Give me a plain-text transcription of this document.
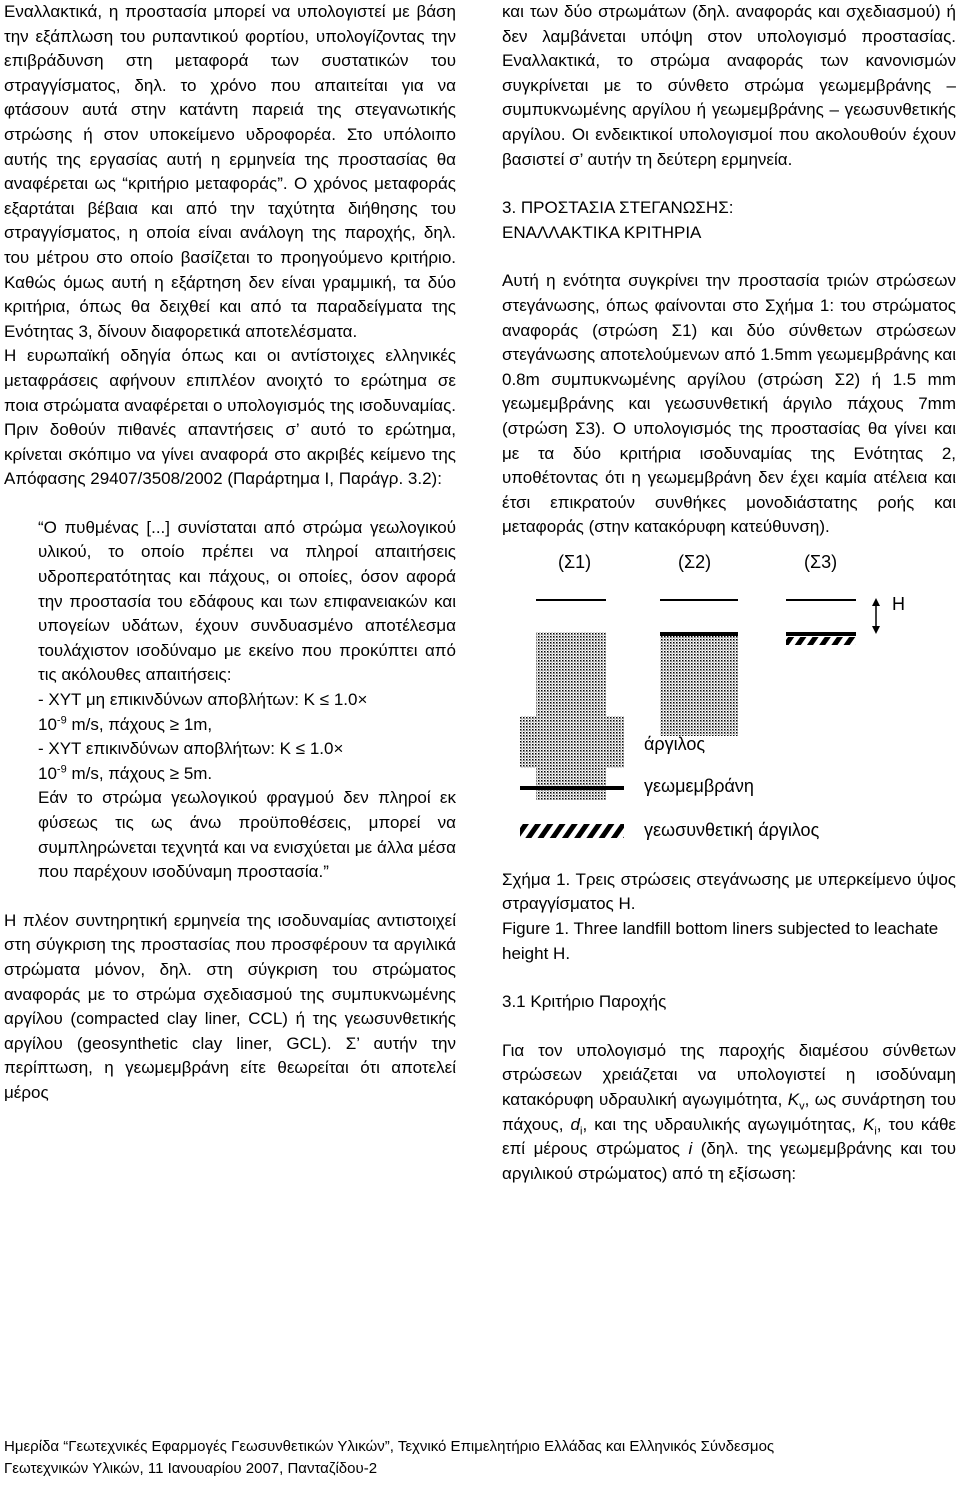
Εναλλακτικά, η προστασία μπορεί να υπολογιστεί με βάση την εξάπλωση του ρυπαντικού φορτίου, υπολογίζοντας την επιβράδυνση στη μεταφορά των συστατικών του στραγγίσματος, δηλ. το χρόνο που απαιτείται για να φτάσουν αυτά στην κατάντη παρειά της στεγανωτικής στρώσης ή στον υποκείμενο υδροφορέα. Στο υπόλοιπο αυτής της εργασίας αυτή η ερμηνεία της προστασίας θα αναφέρεται ως “κριτήριο μεταφοράς”. Ο χρόνος μεταφοράς εξαρτάται βέβαια και από την ταχύτητα διήθησης του στραγγίσματος, η οποία είναι ανάλογη της παροχής, δηλ. του μέτρου στο οποίο βασίζεται το προηγούμενο κριτήριο. Καθώς όμως αυτή η εξάρτηση δεν είναι γραμμική, τα δύο κριτήρια, όπως θα δειχθεί και από τα παραδείγματα της Ενότητας 3, δίνουν διαφορετικά αποτελέσματα.

Η ευρωπαϊκή οδηγία όπως και οι αντίστοιχες ελληνικές μεταφράσεις αφήνουν επιπλέον ανοιχτό το ερώτημα σε ποια στρώματα αναφέρεται ο υπολογισμός της ισοδυναμίας. Πριν δοθούν πιθανές απαντήσεις σ’ αυτό το ερώτημα, κρίνεται σκόπιμο να γίνει αναφορά στο ακριβές κείμενο της Απόφασης 29407/3508/2002 (Παράρτημα Ι, Παράγρ. 3.2):

“Ο πυθμένας [...] συνίσταται από στρώμα γεωλογικού υλικού, το οποίο πρέπει να πληροί απαιτήσεις υδροπερατότητας και πάχους, οι οποίες, όσον αφορά την προστασία του εδάφους και των επιφανειακών και υπογείων υδάτων, έχουν συνδυασμένο αποτέλεσμα τουλάχιστον ισοδύναμο με εκείνο που προκύπτει από τις ακόλουθες απαιτήσεις:

- ΧΥΤ μη επικινδύνων αποβλήτων: Κ ≤ 1.0×
$10^{-9}$ m/s, πάχους ≥ 1m,

- ΧΥΤ επικινδύνων αποβλήτων: Κ ≤ 1.0×
$10^{-9}$ m/s, πάχους ≥ 5m.

Εάν το στρώμα γεωλογικού φραγμού δεν πληροί εκ φύσεως τις ως άνω προϋποθέσεις, μπορεί να συμπληρώνεται τεχνητά και να ενισχύεται με άλλα μέσα που παρέχουν ισοδύναμη προστασία.”

Η πλέον συντηρητική ερμηνεία της ισοδυναμίας αντιστοιχεί στη σύγκριση της προστασίας που προσφέρουν τα αργιλικά στρώματα μόνον, δηλ. στη σύγκριση του στρώματος αναφοράς με το στρώμα σχεδιασμού της συμπυκνωμένης αργίλου (compacted clay liner, CCL) ή της γεωσυνθετικής αργίλου (geosynthetic clay liner, GCL). Σ’ αυτήν την περίπτωση, η γεωμεμβράνη είτε θεωρείται ότι αποτελεί μέρος

και των δύο στρωμάτων (δηλ. αναφοράς και σχεδιασμού) ή δεν λαμβάνεται υπόψη στον υπολογισμό προστασίας. Εναλλακτικά, το στρώμα αναφοράς των κανονισμών συγκρίνεται με το σύνθετο στρώμα γεωμεμβράνης – συμπυκνωμένης αργίλου ή γεωμεμβράνης – γεωσυνθετικής αργίλου. Οι ενδεικτικοί υπολογισμοί που ακολουθούν έχουν βασιστεί σ’ αυτήν τη δεύτερη ερμηνεία.

3. ΠΡΟΣΤΑΣΙΑ ΣΤΕΓΑΝΩΣΗΣ:
ΕΝΑΛΛΑΚΤΙΚΑ ΚΡΙΤΗΡΙΑ

Αυτή η ενότητα συγκρίνει την προστασία τριών στρώσεων στεγάνωσης, όπως φαίνονται στο Σχήμα 1: του στρώματος αναφοράς (στρώση Σ1) και δύο σύνθετων στρώσεων στεγάνωσης αποτελούμενων από 1.5mm γεωμεμβράνης και 0.8m συμπυκνωμένης αργίλου (στρώση Σ2) ή 1.5 mm γεωμεμβράνης και γεωσυνθετική άργιλο πάχους 7mm (στρώση Σ3). Ο υπολογισμός της προστασίας θα γίνει και με τα δύο κριτήρια ισοδυναμίας της Ενότητας 2, υποθέτοντας ότι η γεωμεμβράνη δεν έχει καμία ατέλεια και έτσι επικρατούν συνθήκες μονοδιάστατης ροής και μεταφοράς (στην κατακόρυφη κατεύθυνση).

(Σ1)	(Σ2)	(Σ3)
Η
άργιλος
γεωμεμβράνη
γεωσυνθετική άργιλος

Σχήμα 1. Τρεις στρώσεις στεγάνωσης με υπερκείμενο ύψος στραγγίσματος Η.

Figure 1. Three landfill bottom liners subjected to leachate height H.

3.1 Κριτήριο Παροχής

Για τον υπολογισμό της παροχής διαμέσου σύνθετων στρώσεων χρειάζεται να υπολογιστεί η ισοδύναμη κατακόρυφη υδραυλική αγωγιμότητα, $K_v$, ως συνάρτηση του πάχους, $d_i$, και της υδραυλικής αγωγιμότητας, $K_i$, του κάθε επί μέρους στρώματος i (δηλ. της γεωμεμβράνης και του αργιλικού στρώματος) από τη εξίσωση:

Ημερίδα “Γεωτεχνικές Εφαρμογές Γεωσυνθετικών Υλικών”, Τεχνικό Επιμελητήριο Ελλάδας και Ελληνικός Σύνδεσμος
Γεωτεχνικών Υλικών, 11 Ιανουαρίου 2007, Πανταζίδου-2
